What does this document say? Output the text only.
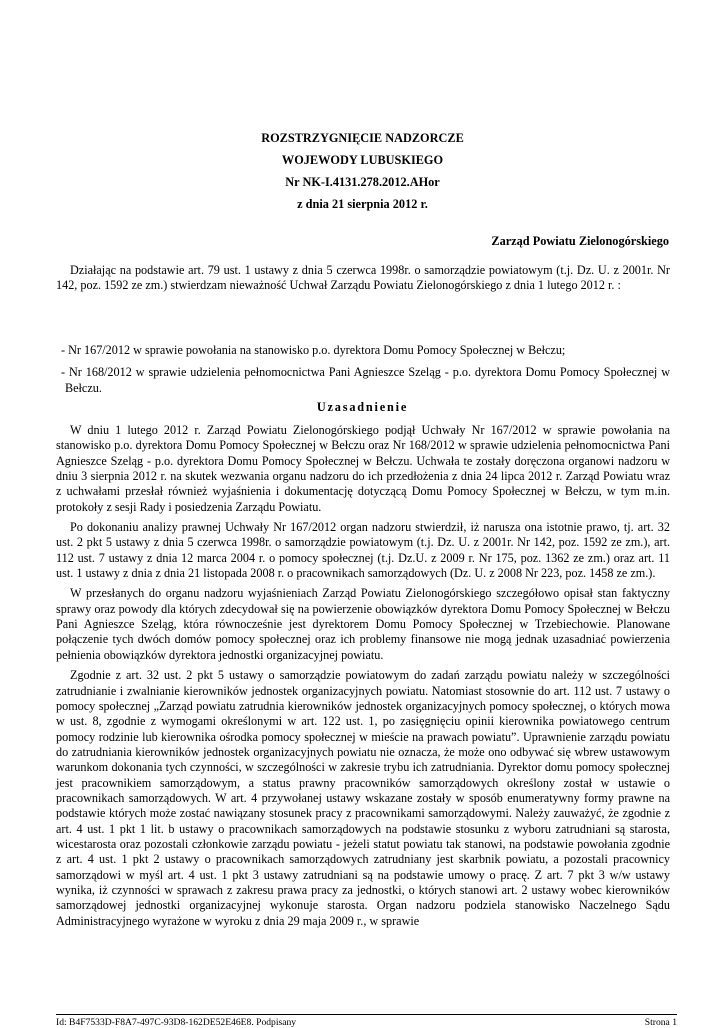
ROZSTRZYGNIĘCIE NADZORCZE
WOJEWODY LUBUSKIEGO
Nr NK-I.4131.278.2012.AHor
z dnia 21 sierpnia 2012 r.
Zarząd Powiatu Zielonogórskiego

Działając na podstawie art. 79 ust. 1 ustawy z dnia 5 czerwca 1998r. o samorządzie powiatowym (t.j. Dz. U. z 2001r. Nr 142, poz. 1592 ze zm.) stwierdzam nieważność Uchwał Zarządu Powiatu Zielonogórskiego z dnia 1 lutego 2012 r. :

- Nr 167/2012 w sprawie powołania na stanowisko p.o. dyrektora Domu Pomocy Społecznej w Bełczu;

- Nr 168/2012 w sprawie udzielenia pełnomocnictwa Pani Agnieszce Szeląg - p.o. dyrektora Domu Pomocy Społecznej w Bełczu.

Uzasadnienie

W dniu 1 lutego 2012 r. Zarząd Powiatu Zielonogórskiego podjął Uchwały Nr 167/2012 w sprawie powołania na stanowisko p.o. dyrektora Domu Pomocy Społecznej w Bełczu oraz Nr 168/2012 w sprawie udzielenia pełnomocnictwa Pani Agnieszce Szeląg - p.o. dyrektora Domu Pomocy Społecznej w Bełczu. Uchwała te zostały doręczona organowi nadzoru w dniu 3 sierpnia 2012 r. na skutek wezwania organu nadzoru do ich przedłożenia z dnia 24 lipca 2012 r. Zarząd Powiatu wraz z uchwałami przesłał również wyjaśnienia i dokumentację dotyczącą Domu Pomocy Społecznej w Bełczu, w tym m.in. protokoły z sesji Rady i posiedzenia Zarządu Powiatu.

Po dokonaniu analizy prawnej Uchwały Nr 167/2012 organ nadzoru stwierdził, iż narusza ona istotnie prawo, tj. art. 32 ust. 2 pkt 5 ustawy z dnia 5 czerwca 1998r. o samorządzie powiatowym (t.j. Dz. U. z 2001r. Nr 142, poz. 1592 ze zm.), art. 112 ust. 7 ustawy z dnia 12 marca 2004 r. o pomocy społecznej (t.j. Dz.U. z 2009 r. Nr 175, poz. 1362 ze zm.) oraz art. 11 ust. 1 ustawy z dnia z dnia 21 listopada 2008 r. o pracownikach samorządowych (Dz. U. z 2008 Nr 223, poz. 1458 ze zm.).

W przesłanych do organu nadzoru wyjaśnieniach Zarząd Powiatu Zielonogórskiego szczegółowo opisał stan faktyczny sprawy oraz powody dla których zdecydował się na powierzenie obowiązków dyrektora Domu Pomocy Społecznej w Bełczu Pani Agnieszce Szeląg, która równocześnie jest dyrektorem Domu Pomocy Społecznej w Trzebiechowie. Planowane połączenie tych dwóch domów pomocy społecznej oraz ich problemy finansowe nie mogą jednak uzasadniać powierzenia pełnienia obowiązków dyrektora jednostki organizacyjnej powiatu.

Zgodnie z art. 32 ust. 2 pkt 5 ustawy o samorządzie powiatowym do zadań zarządu powiatu należy w szczególności zatrudnianie i zwalnianie kierowników jednostek organizacyjnych powiatu. Natomiast stosownie do art. 112 ust. 7 ustawy o pomocy społecznej „Zarząd powiatu zatrudnia kierowników jednostek organizacyjnych pomocy społecznej, o których mowa w ust. 8, zgodnie z wymogami określonymi w art. 122 ust. 1, po zasięgnięciu opinii kierownika powiatowego centrum pomocy rodzinie lub kierownika ośrodka pomocy społecznej w mieście na prawach powiatu”. Uprawnienie zarządu powiatu do zatrudniania kierowników jednostek organizacyjnych powiatu nie oznacza, że może ono odbywać się wbrew ustawowym warunkom dokonania tych czynności, w szczególności w zakresie trybu ich zatrudniania. Dyrektor domu pomocy społecznej jest pracownikiem samorządowym, a status prawny pracowników samorządowych określony został w ustawie o pracownikach samorządowych. W art. 4 przywołanej ustawy wskazane zostały w sposób enumeratywny formy prawne na podstawie których może zostać nawiązany stosunek pracy z pracownikami samorządowymi. Należy zauważyć, że zgodnie z art. 4 ust. 1 pkt 1 lit. b ustawy o pracownikach samorządowych na podstawie stosunku z wyboru zatrudniani są starosta, wicestarosta oraz pozostali członkowie zarządu powiatu - jeżeli statut powiatu tak stanowi, na podstawie powołania zgodnie z art. 4 ust. 1 pkt 2 ustawy o pracownikach samorządowych zatrudniany jest skarbnik powiatu, a pozostali pracownicy samorządowi w myśl art. 4 ust. 1 pkt 3 ustawy zatrudniani są na podstawie umowy o pracę. Z art. 7 pkt 3 w/w ustawy wynika, iż czynności w sprawach z zakresu prawa pracy za jednostki, o których stanowi art. 2 ustawy wobec kierowników samorządowej jednostki organizacyjnej wykonuje starosta. Organ nadzoru podziela stanowisko Naczelnego Sądu Administracyjnego wyrażone w wyroku z dnia 29 maja 2009 r., w sprawie

Id: B4F7533D-F8A7-497C-93D8-162DE52E46E8. Podpisany	Strona 1
